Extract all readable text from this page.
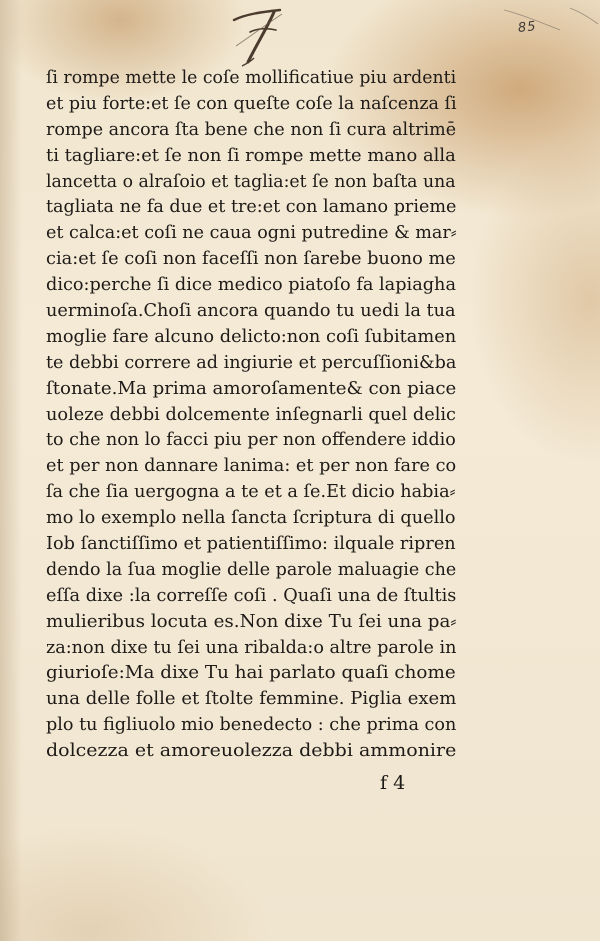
85
ſi rompe mette le coſe mollificatiue piu ardenti
et piu forte:et ſe con queſte coſe la naſcenza ſi
rompe ancora ſta bene che non ſi cura altrimē
ti tagliare:et ſe non ſi rompe mette mano alla
lancetta o alraſoio et taglia:et ſe non baſta una
tagliata ne fa due et tre:et con lamano prieme
et calca:et coſi ne caua ogni putredine & mar⸗
cia:et ſe coſi non faceſſi non ſarebe buono me
dico:perche ſi dice medico piatoſo fa lapiagha
uerminoſa.Choſi ancora quando tu uedi la tua
moglie fare alcuno delicto:non coſi ſubitamen
te debbi correre ad ingiurie et percuſſioni&ba
ſtonate.Ma prima amoroſamente& con piace
uoleze debbi dolcemente inſegnarli quel delic
to che non lo facci piu per non offendere iddio
et per non dannare lanima: et per non fare co
ſa che ſia uergogna a te et a ſe.Et dicio habia⸗
mo lo exemplo nella ſancta ſcriptura di quello
Iob ſanctiſſimo et patientiſſimo: ilquale ripren
dendo la ſua moglie delle parole maluagie che
eſſa dixe :la correſſe coſi . Quaſi una de ſtultis
mulieribus locuta es.Non dixe Tu ſei una pa⸗
za:non dixe tu ſei una ribalda:o altre parole in
giurioſe:Ma dixe Tu hai parlato quaſi chome
una delle folle et ſtolte femmine. Piglia exem
plo tu figliuolo mio benedecto : che prima con
dolcezza et amoreuolezza debbi ammonire
f 4
